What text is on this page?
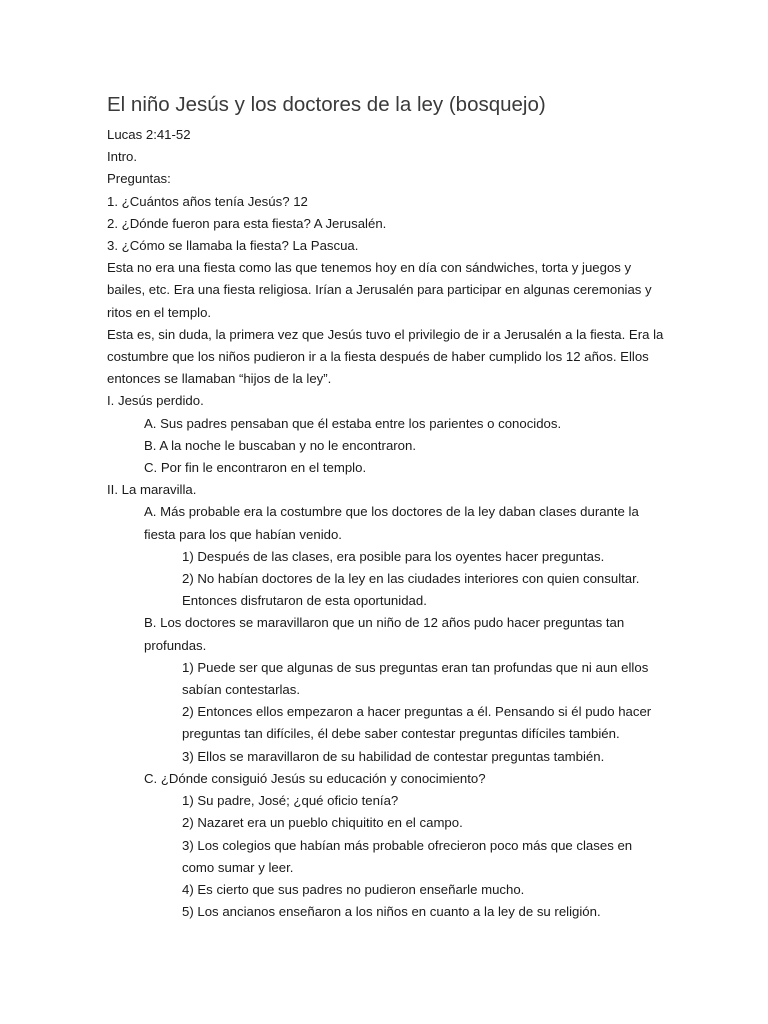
El niño Jesús y los doctores de la ley (bosquejo)

Lucas 2:41-52

Intro.

Preguntas:

1. ¿Cuántos años tenía Jesús? 12

2. ¿Dónde fueron para esta fiesta? A Jerusalén.

3. ¿Cómo se llamaba la fiesta? La Pascua.

Esta no era una fiesta como las que tenemos hoy en día con sándwiches, torta y juegos y bailes, etc. Era una fiesta religiosa. Irían a Jerusalén para participar en algunas ceremonias y ritos en el templo.

Esta es, sin duda, la primera vez que Jesús tuvo el privilegio de ir a Jerusalén a la fiesta. Era la costumbre que los niños pudieron ir a la fiesta después de haber cumplido los 12 años. Ellos entonces se llamaban “hijos de la ley”.

I. Jesús perdido.

A. Sus padres pensaban que él estaba entre los parientes o conocidos.

B. A la noche le buscaban y no le encontraron.

C. Por fin le encontraron en el templo.

II. La maravilla.

A. Más probable era la costumbre que los doctores de la ley daban clases durante la fiesta para los que habían venido.

1) Después de las clases, era posible para los oyentes hacer preguntas.

2) No habían doctores de la ley en las ciudades interiores con quien consultar. Entonces disfrutaron de esta oportunidad.

B. Los doctores se maravillaron que un niño de 12 años pudo hacer preguntas tan profundas.

1) Puede ser que algunas de sus preguntas eran tan profundas que ni aun ellos sabían contestarlas.

2) Entonces ellos empezaron a hacer preguntas a él. Pensando si él pudo hacer preguntas tan difíciles, él debe saber contestar preguntas difíciles también.

3) Ellos se maravillaron de su habilidad de contestar preguntas también.

C. ¿Dónde consiguió Jesús su educación y conocimiento?

1) Su padre, José; ¿qué oficio tenía?

2) Nazaret era un pueblo chiquitito en el campo.

3) Los colegios que habían más probable ofrecieron poco más que clases en como sumar y leer.

4) Es cierto que sus padres no pudieron enseñarle mucho.

5) Los ancianos enseñaron a los niños en cuanto a la ley de su religión.
